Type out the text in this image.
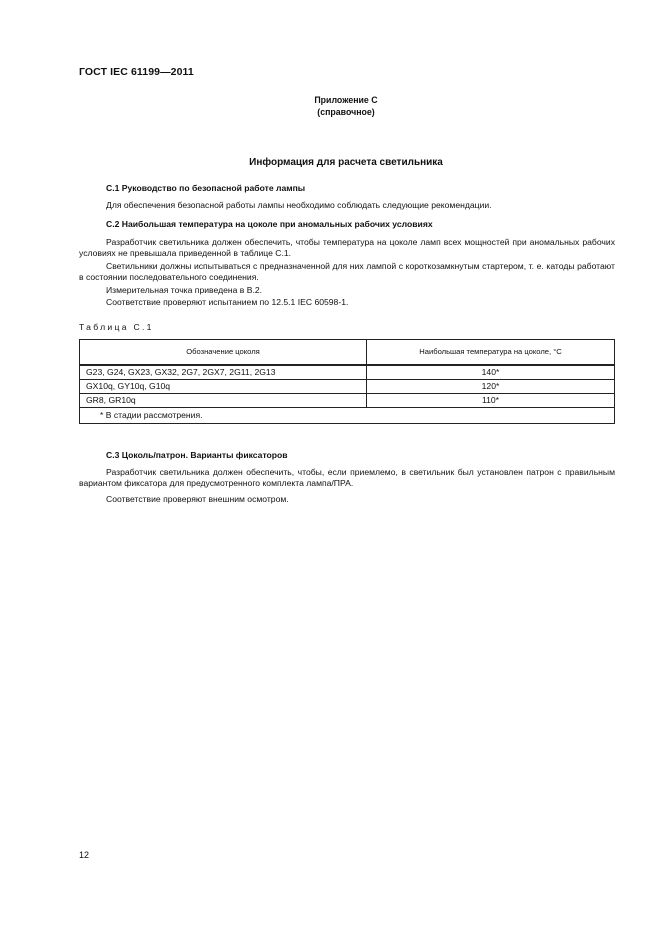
ГОСТ IEC 61199—2011
Приложение С
(справочное)
Информация для расчета светильника
С.1 Руководство по безопасной работе лампы
Для обеспечения безопасной работы лампы необходимо соблюдать следующие рекомендации.
С.2 Наибольшая температура на цоколе при аномальных рабочих условиях
Разработчик светильника должен обеспечить, чтобы температура на цоколе ламп всех мощностей при аномальных рабочих условиях не превышала приведенной в таблице С.1.
Светильники должны испытываться с предназначенной для них лампой с короткозамкнутым стартером, т. е. катоды работают в состоянии последовательного соединения.
Измерительная точка приведена в В.2.
Соответствие проверяют испытанием по 12.5.1 IEC 60598-1.
Таблица С.1
Обозначение цоколя	Наибольшая температура на цоколе, °С
G23, G24, GX23, GX32, 2G7, 2GX7, 2G11, 2G13	140*
GX10q, GY10q, G10q	120*
GR8, GR10q	110*
* В стадии рассмотрения.	
С.3 Цоколь/патрон. Варианты фиксаторов
Разработчик светильника должен обеспечить, чтобы, если приемлемо, в светильник был установлен патрон с правильным вариантом фиксатора для предусмотренного комплекта лампа/ПРА.
Соответствие проверяют внешним осмотром.
12
